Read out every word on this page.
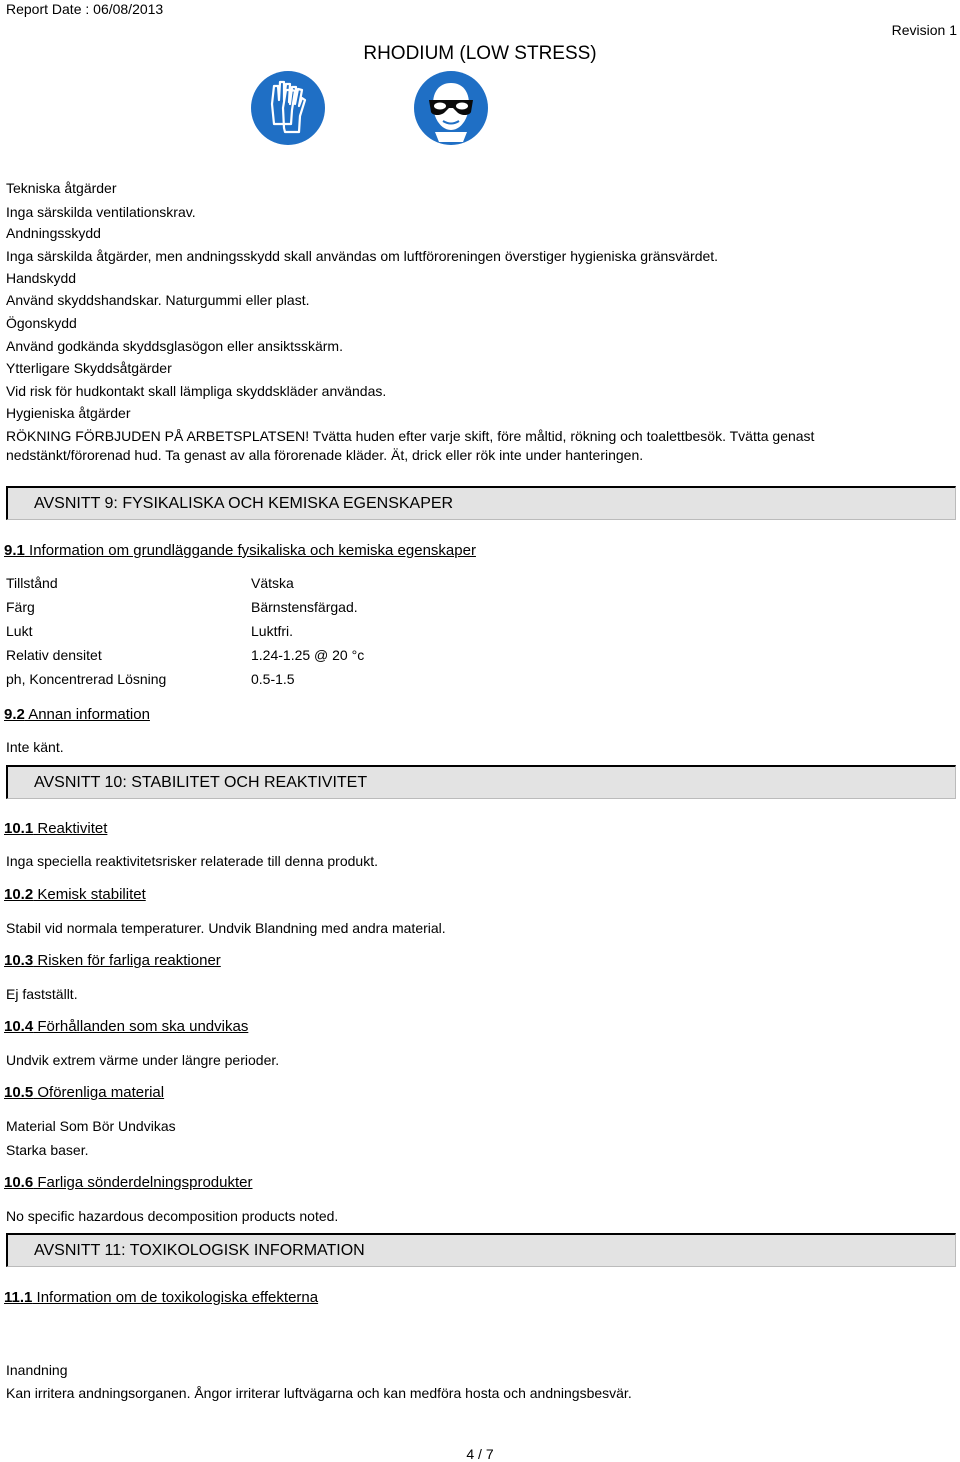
Report Date : 06/08/2013
RHODIUM (LOW STRESS)
Revision 1
Tekniska åtgärder
Inga särskilda ventilationskrav.
Andningsskydd
Inga särskilda åtgärder, men andningsskydd skall användas om luftföroreningen överstiger hygieniska gränsvärdet.
Handskydd
Använd skyddshandskar. Naturgummi eller plast.
Ögonskydd
Använd godkända skyddsglasögon eller ansiktsskärm.
Ytterligare Skyddsåtgärder
Vid risk för hudkontakt skall lämpliga skyddskläder användas.
Hygieniska åtgärder
RÖKNING FÖRBJUDEN PÅ ARBETSPLATSEN! Tvätta huden efter varje skift, före måltid, rökning och toalettbesök. Tvätta genast nedstänkt/förorenad hud. Ta genast av alla förorenade kläder. Ät, drick eller rök inte under hanteringen.
AVSNITT 9: FYSIKALISKA OCH KEMISKA EGENSKAPER
9.1 Information om grundläggande fysikaliska och kemiska egenskaper
Tillstånd	Vätska
Färg	Bärnstensfärgad.
Lukt	Luktfri.
Relativ densitet	1.24-1.25 @ 20 °c
ph, Koncentrerad Lösning	0.5-1.5
9.2 Annan information
Inte känt.
AVSNITT 10: STABILITET OCH REAKTIVITET
10.1 Reaktivitet
Inga speciella reaktivitetsrisker relaterade till denna produkt.
10.2 Kemisk stabilitet
Stabil vid normala temperaturer. Undvik Blandning med andra material.
10.3 Risken för farliga reaktioner
Ej fastställt.
10.4 Förhållanden som ska undvikas
Undvik extrem värme under längre perioder.
10.5 Oförenliga material
Material Som Bör Undvikas
Starka baser.
10.6 Farliga sönderdelningsprodukter
No specific hazardous decomposition products noted.
AVSNITT 11: TOXIKOLOGISK INFORMATION
11.1 Information om de toxikologiska effekterna
Inandning
Kan irritera andningsorganen. Ångor irriterar luftvägarna och kan medföra hosta och andningsbesvär.
4 / 7
